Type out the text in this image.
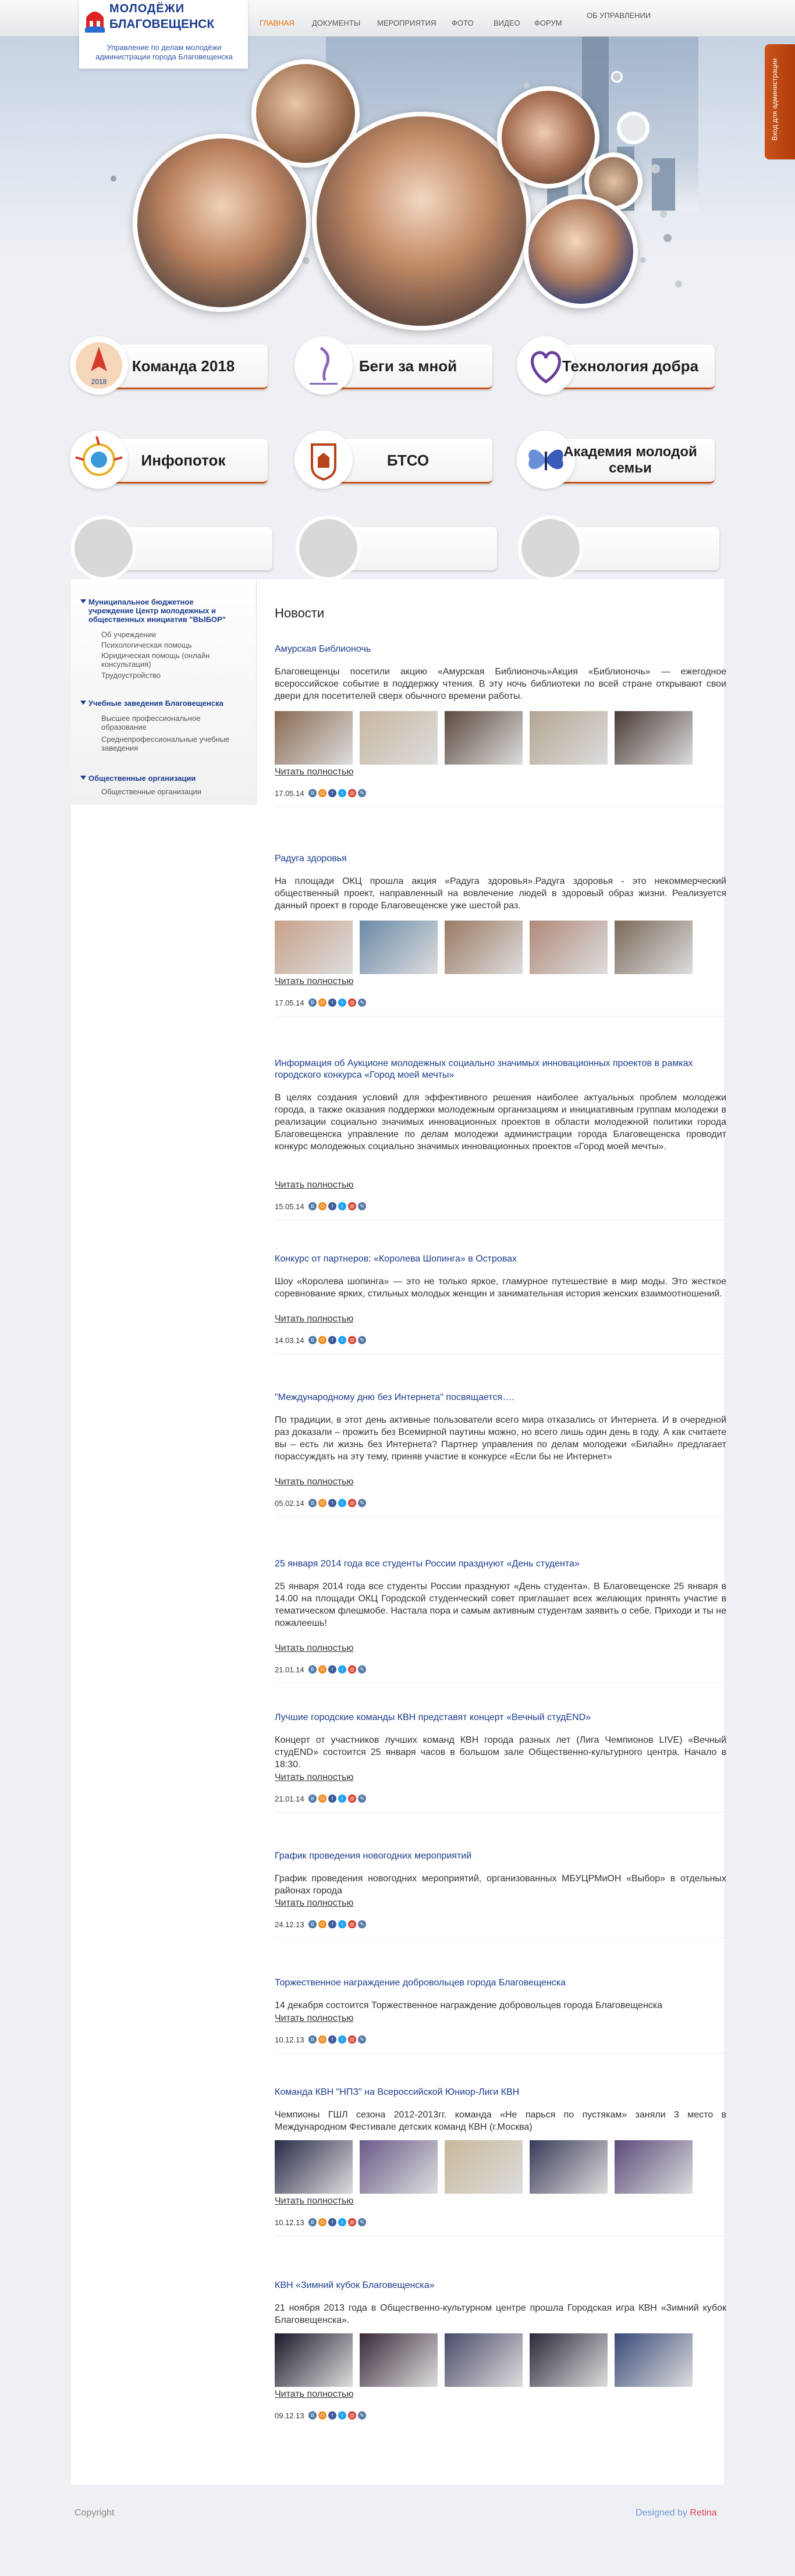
ГЛАВНАЯ ДОКУМЕНТЫ МЕРОПРИЯТИЯ ФОТО	ВИДЕО ФОРУМ
ОБ УПРАВЛЕНИИ
МОЛОДЁЖИ
БЛАГОВЕЩЕНСК
Управление по делам молодёжи администрации города Благовещенска
Вход для администрации
2018
Команда 2018	Беги за мной	Технология добра
Инфопоток	БТСО	Академия молодой семьи
Муниципальное бюджетное учреждение Центр молодежных и общественных инициатив "ВЫБОР"
Об учреждении
Психологическая помощь
Юридическая помощь (онлайн консультация)
Трудоустройство
Учебные заведения Благовещенска
Высшее профессиональное образование
Среднепрофессиональные учебные заведения
Общественные организации
Общественные организации
Новости
Амурская Библионочь
Благовещенцы посетили акцию «Амурская Библионочь»Акция «Библионочь» — ежегодное всероссийское событие в поддержку чтения. В эту ночь библиотеки по всей стране открывают свои двери для посетителей сверх обычного времени работы.
Читать полностью
17.05.14	В О f t @ ✎
Радуга здоровья
На площади ОКЦ прошла акция «Радуга здоровья».Радуга здоровья - это некоммерческий общественный проект, направленный на вовлечение людей в здоровый образ жизни. Реализуется данный проект в городе Благовещенске уже шестой раз.
Читать полностью
17.05.14	В О f t @ ✎
Информация об Аукционе молодежных социально значимых инновационных проектов в рамках городского конкурса «Город моей мечты»
В целях создания условий для эффективного решения наиболее актуальных проблем молодежи города, а также оказания поддержки молодежным организациям и инициативным группам молодежи в реализации социально значимых инновационных проектов в области молодежной политики города Благовещенска управление по делам молодежи администрации города Благовещенска проводит конкурс молодежных социально значимых инновационных проектов «Город моей мечты».
Читать полностью
15.05.14	В О f t @ ✎
Конкурс от партнеров: «Королева Шопинга» в Островах
Шоу «Королева шопинга» — это не только яркое, гламурное путешествие в мир моды. Это жесткое соревнование ярких, стильных молодых женщин и занимательная история женских взаимоотношений.
Читать полностью
14.03.14	В О f t @ ✎
"Международному дню без Интернета" посвящается….
По традиции, в этот день активные пользователи всего мира отказались от Интернета. И в очередной раз доказали – прожить без Всемирной паутины можно, но всего лишь один день в году. А как считаете вы – есть ли жизнь без Интернета? Партнер управления по делам молодежи «Билайн» предлагает порассуждать на эту тему, приняв участие в конкурсе «Если бы не Интернет»
Читать полностью
05.02.14	В О f t @ ✎
25 января 2014 года все студенты России празднуют «День студента»
25 января 2014 года все студенты России празднуют «День студента». В Благовещенске 25 января в 14.00 на площади ОКЦ Городской студенческий совет приглашает всех желающих принять участие в тематическом флешмобе. Настала пора и самым активным студентам заявить о себе. Приходи и ты не пожалеешь!
Читать полностью
21.01.14	В О f t @ ✎
Лучшие городские команды КВН представят концерт «Вечный студEND»
Концерт от участников лучших команд КВН города разных лет (Лига Чемпионов LIVE) «Вечный студEND» состоится 25 января часов в большом зале Общественно-культурного центра. Начало в 18:30.
Читать полностью
21.01.14	В О f t @ ✎
График проведения новогодних мероприятий
График проведения новогодних мероприятий, организованных МБУЦРМиОН «Выбор» в отдельных районах города
Читать полностью
24.12.13	В О f t @ ✎
Торжественное награждение добровольцев города Благовещенска
14 декабря состоится Торжественное награждение добровольцев города Благовещенска
Читать полностью
10.12.13	В О f t @ ✎
Команда КВН "НПЗ" на Всероссийской Юниор-Лиги КВН
Чемпионы ГШЛ сезона 2012-2013гг. команда «Не парься по пустякам» заняли 3 место в Международном Фестивале детских команд КВН (г.Москва)
Читать полностью
10.12.13	В О f t @ ✎
КВН «Зимний кубок Благовещенска»
21 ноября 2013 года в Общественно-культурном центре прошла Городская игра КВН «Зимний кубок Благовещенска».
Читать полностью
09.12.13	В О f t @ ✎
Copyright	Designed by Retina
